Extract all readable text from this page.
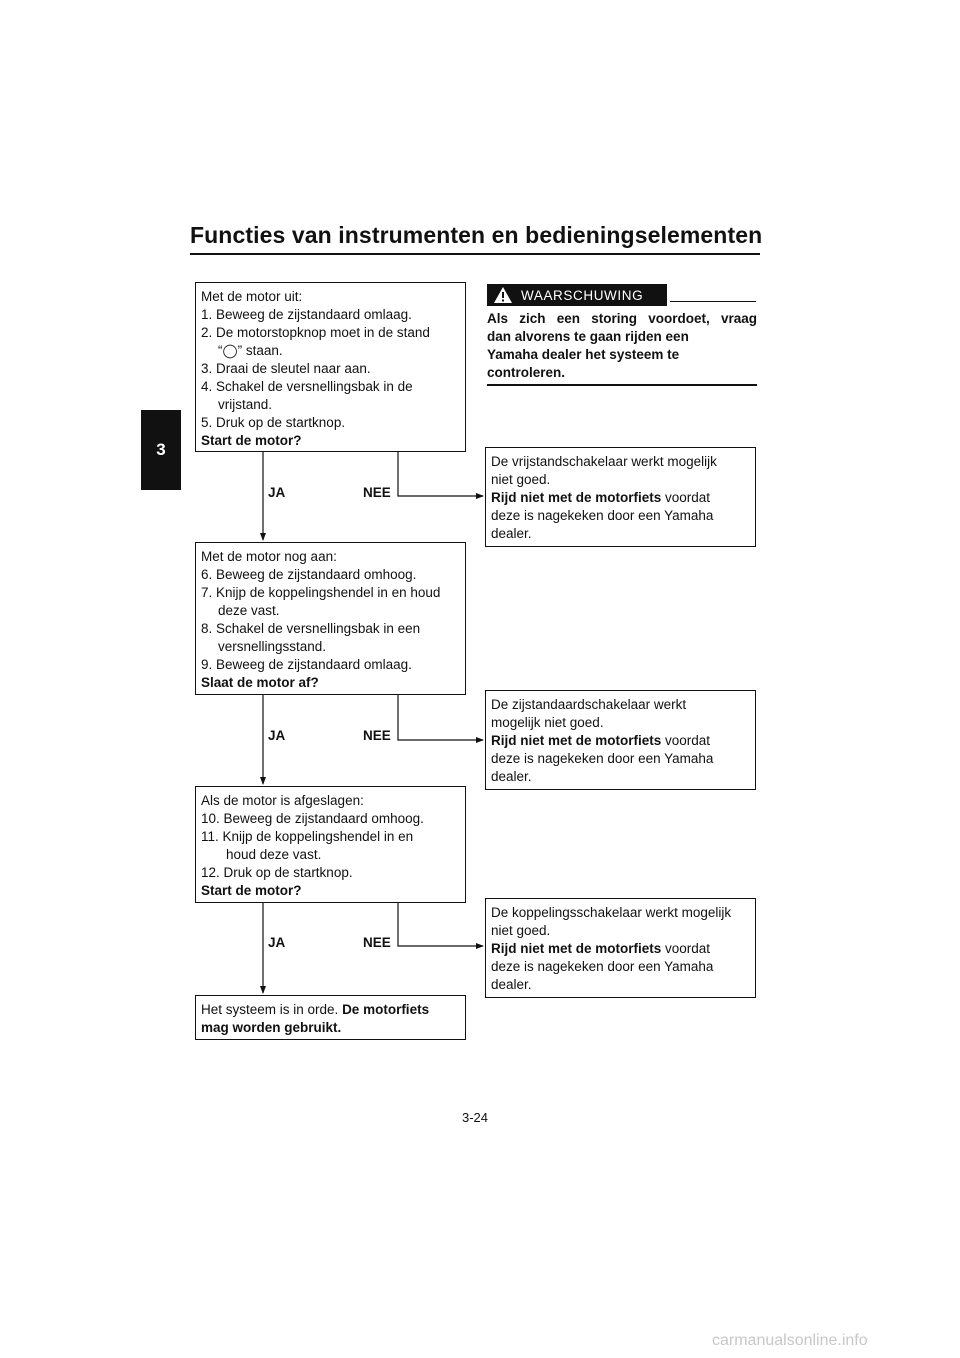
Functies van instrumenten en bedieningselementen
3
Met de motor uit:
1. Beweeg de zijstandaard omlaag.
2. De motorstopknop moet in de stand
“◯” staan.
3. Draai de sleutel naar aan.
4. Schakel de versnellingsbak in de
vrijstand.
5. Druk op de startknop.
Start de motor?
JA	NEE
De vrijstandschakelaar werkt mogelijk
niet goed.
Rijd niet met de motorfiets voordat
deze is nagekeken door een Yamaha
dealer.
Met de motor nog aan:
6. Beweeg de zijstandaard omhoog.
7. Knijp de koppelingshendel in en houd
deze vast.
8. Schakel de versnellingsbak in een
versnellingsstand.
9. Beweeg de zijstandaard omlaag.
Slaat de motor af?
JA	NEE
De zijstandaardschakelaar werkt
mogelijk niet goed.
Rijd niet met de motorfiets voordat
deze is nagekeken door een Yamaha
dealer.
Als de motor is afgeslagen:
10. Beweeg de zijstandaard omhoog.
11. Knijp de koppelingshendel in en
houd deze vast.
12. Druk op de startknop.
Start de motor?
JA	NEE
De koppelingsschakelaar werkt mogelijk
niet goed.
Rijd niet met de motorfiets voordat
deze is nagekeken door een Yamaha
dealer.
Het systeem is in orde. De motorfiets
mag worden gebruikt.
WAARSCHUWING
Als zich een storing voordoet, vraag
dan alvorens te gaan rijden een
Yamaha dealer het systeem te
controleren.
3-24
carmanualsonline.info
